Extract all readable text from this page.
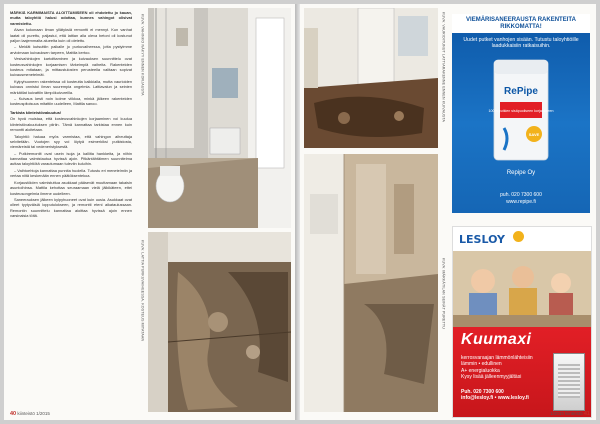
MÄRKIÄ KARMIMAISTA ALOITTAMISEEN oli ehdotettu jo kauan, mutta taloyhtiö halusi odottaa, kunnes vahingot olisivat varmistettu.

Aivan kokonaan ilman yllätyksiä remontti ei mennyt. Kun vanhat laatat oli purettu, paljastui, että lattian alla oleva betoni oli kostunut paljon laajemmalta alueelta kuin oli oletettu.

– Meidät kutsuttiin paikalle jo purkuvaiheessa, jotta pystyimme arvioimaan kuivauksen tarpeen, Mattila kertoo.

Vesivahinkojen kartoittaminen ja kuivauksen suunnittelu ovat kosteusvahinkojen korjaamisen tärkeimpiä vaiheita. Rakenteiden kosteus mitataan, ja mittaustulosten perusteella valitaan sopivat kuivausmenetelmät.

Kylpyhuoneen rakenteissa oli kosteutta kaikkialla, mutta vaurioiden kuivaus onnistui ilman suurempia ongelmia. Lattiavalun ja seinien märkätilat kuivattiin lämpökuivureilla.

– Kuivaus kesti noin kolme viikkoa, minkä jälkeen rakenteiden kosteuspitoisuus mitattiin uudelleen, Mattila sanoo.

Tarkista kiinteistövakuutus!

On hyvä muistaa, että kosteusvahinkojen korjaaminen voi kuulua kiinteistövakuutuksen piiriin. Tämä kannattaa tarkistaa ennen kuin remontti aloitetaan.

Taloyhtiö haluaa myös varmistaa, että vahingon aiheuttaja selvitetään. Vuotojen syy voi löytyä esimerkiksi putkistosta, viemäreistä tai vedeneristyksestä.

– Putkiremontit ovat usein isoja ja kalliita hankkeita, ja niihin kannattaa valmistautua hyvissä ajoin. Pitkäntähtäimen suunnitelma auttaa taloyhtiötä varautumaan tuleviin kuluihin.

– Vaihtoehtoja kannattaa punnita huolella. Tutustu eri menetelmiin ja vertaa niitä keskenään ennen päätöksentekoa.

Korjaustöiden valmistuttua asukkaat pääsevät muuttamaan takaisin asuntoihinsa. Mattila kehottaa seuraamaan vielä jälkikäteen, ettei kosteusongelmia ilmene uudelleen.

Saneerauksen jälkeen kylpyhuoneet ovat kuin uusia. Asukkaat ovat olleet tyytyväisiä lopputulokseen, ja remontti eteni aikataulussaan. Remontin suunnittelu kannattaa aloittaa hyvissä ajoin ennen varsinaisia töitä.

KUVA: VAHINKO NÄKYY ENNEN KORJAUSTA
KUVA: LATTIA PURKUVAIHEESSA, KOSTEUS MITATAAN
40 kiinteistö 1/2015
KUVA: VAURIOITUNUT LATTIARAKENNE ENNEN KUIVAUSTA
KUVA: MÄRKÄTILAN SEINÄT PURETTU
VIEMÄRISANEERAUSTA RAKENTEITA RIKKOMATTA!
Uudet putket vanhojen sisään. Tutustu taloyhtiöille laadukkaisiin ratkaisuihin.
RePipe
100% putkien sisäpuoliseen korjaukseen
SAVE
Repipe Oy
puh. 020 7300 600
www.repipe.fi
LESLOY
Kuumaxi
kerrosvaraajan lämmönlähteisiin
lämmin • edullinen
A+ energialuokka
Kysy lisää jälleenmyyjältäsi
Puh. 020 7300 600
info@lesloy.fi • www.lesloy.fi
1/2015 kiinteistö 41
